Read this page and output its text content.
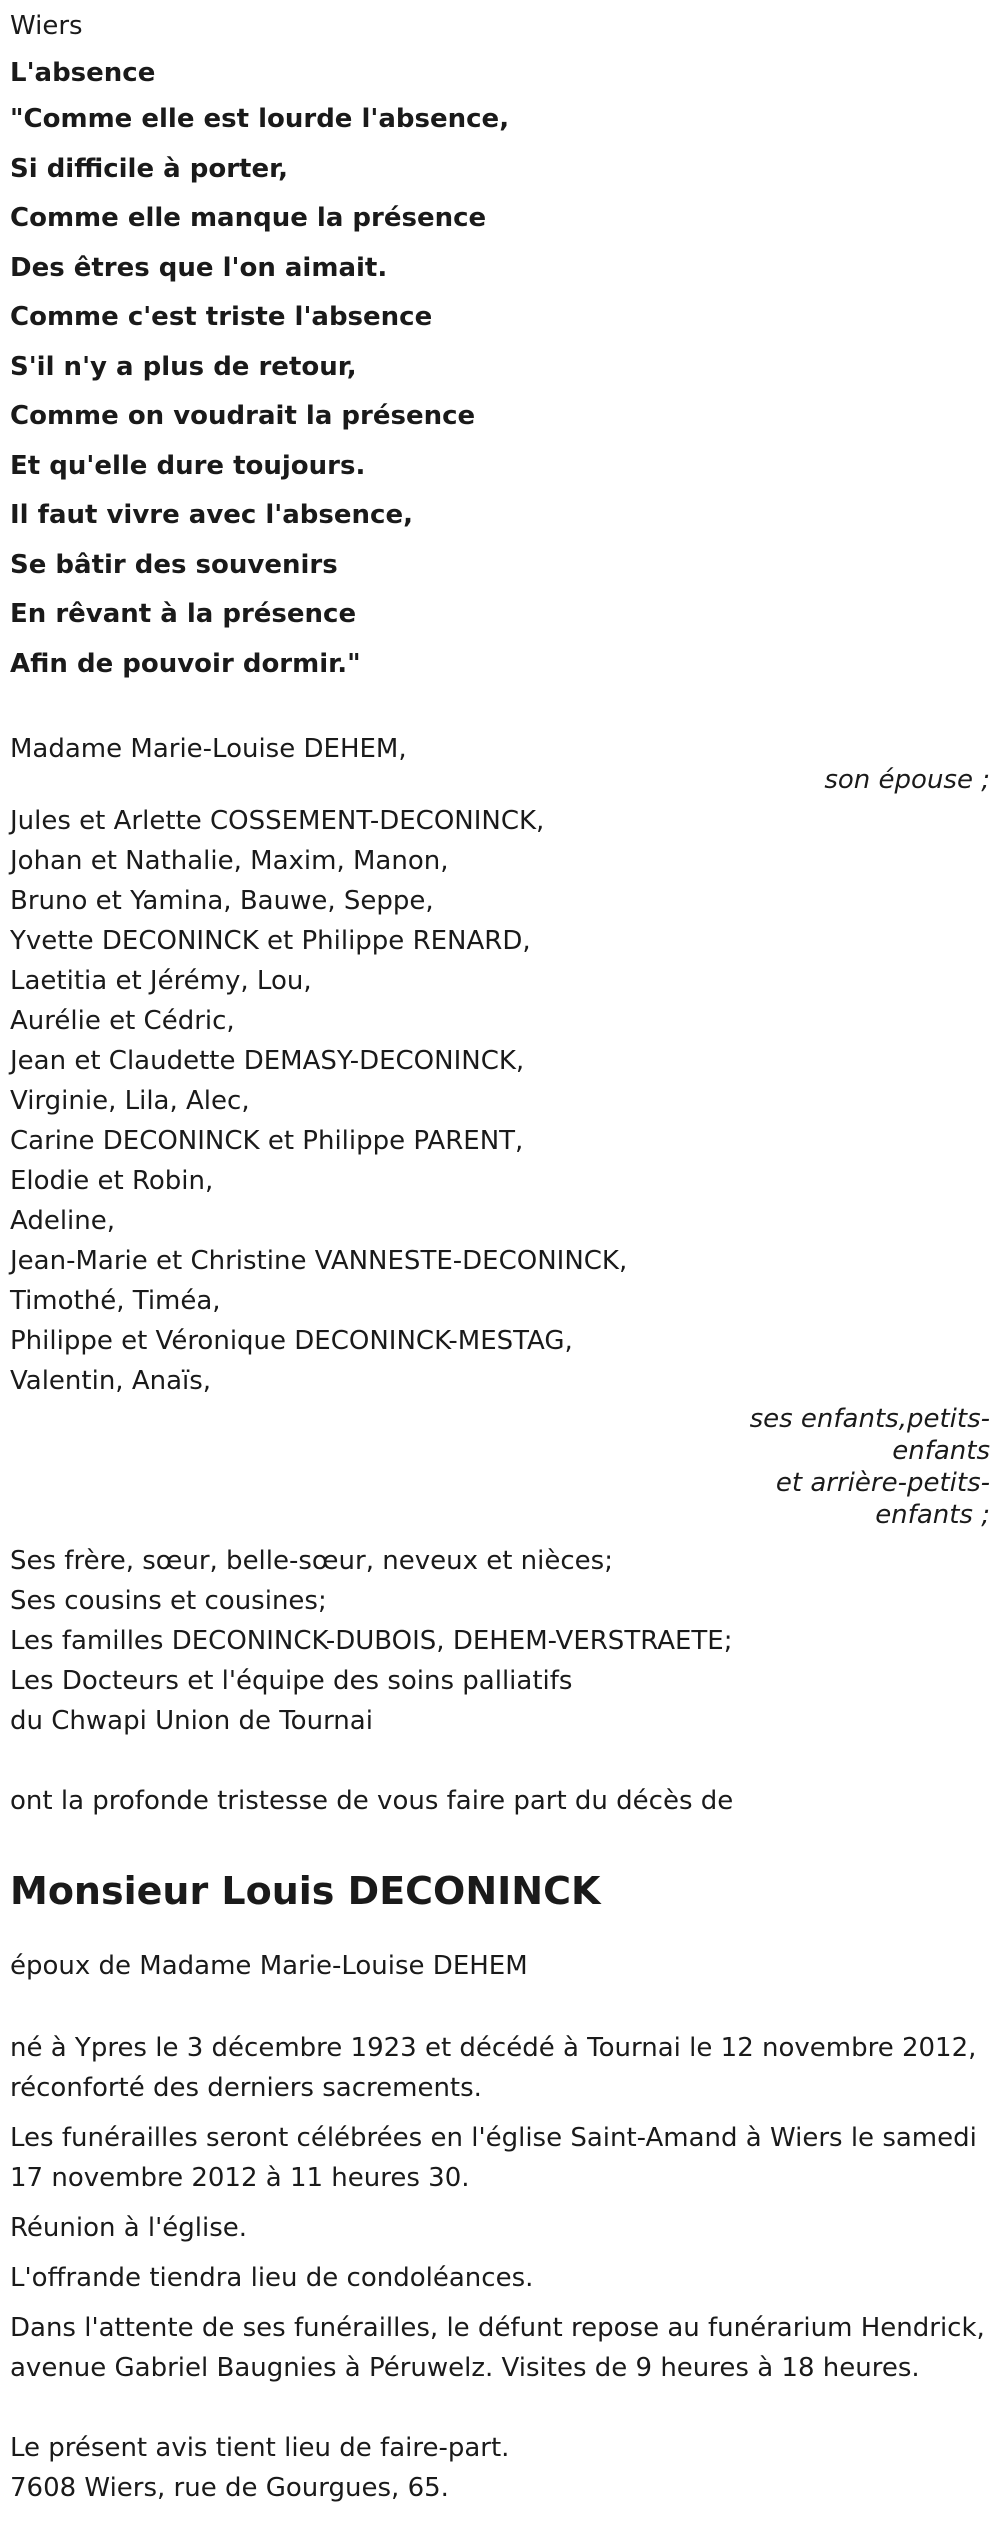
Wiers
L'absence
"Comme elle est lourde l'absence,
Si difficile à porter,
Comme elle manque la présence
Des êtres que l'on aimait.
Comme c'est triste l'absence
S'il n'y a plus de retour,
Comme on voudrait la présence
Et qu'elle dure toujours.
Il faut vivre avec l'absence,
Se bâtir des souvenirs
En rêvant à la présence
Afin de pouvoir dormir."
Madame Marie-Louise DEHEM,
son épouse ;
Jules et Arlette COSSEMENT-DECONINCK,
Johan et Nathalie, Maxim, Manon,
Bruno et Yamina, Bauwe, Seppe,
Yvette DECONINCK et Philippe RENARD,
Laetitia et Jérémy, Lou,
Aurélie et Cédric,
Jean et Claudette DEMASY-DECONINCK,
Virginie, Lila, Alec,
Carine DECONINCK et Philippe PARENT,
Elodie et Robin,
Adeline,
Jean-Marie et Christine VANNESTE-DECONINCK,
Timothé, Timéa,
Philippe et Véronique DECONINCK-MESTAG,
Valentin, Anaïs,
ses enfants,petits-
enfants
et arrière-petits-
enfants ;
Ses frère, sœur, belle-sœur, neveux et nièces;
Ses cousins et cousines;
Les familles DECONINCK-DUBOIS, DEHEM-VERSTRAETE;
Les Docteurs et l'équipe des soins palliatifs
du Chwapi Union de Tournai
ont la profonde tristesse de vous faire part du décès de
Monsieur Louis DECONINCK
époux de Madame Marie-Louise DEHEM
né à Ypres le 3 décembre 1923 et décédé à Tournai le 12 novembre 2012, réconforté des derniers sacrements.
Les funérailles seront célébrées en l'église Saint-Amand à Wiers le samedi 17 novembre 2012 à 11 heures 30.
Réunion à l'église.
L'offrande tiendra lieu de condoléances.
Dans l'attente de ses funérailles, le défunt repose au funérarium Hendrick, avenue Gabriel Baugnies à Péruwelz. Visites de 9 heures à 18 heures.
Le présent avis tient lieu de faire-part.
7608 Wiers, rue de Gourgues, 65.
